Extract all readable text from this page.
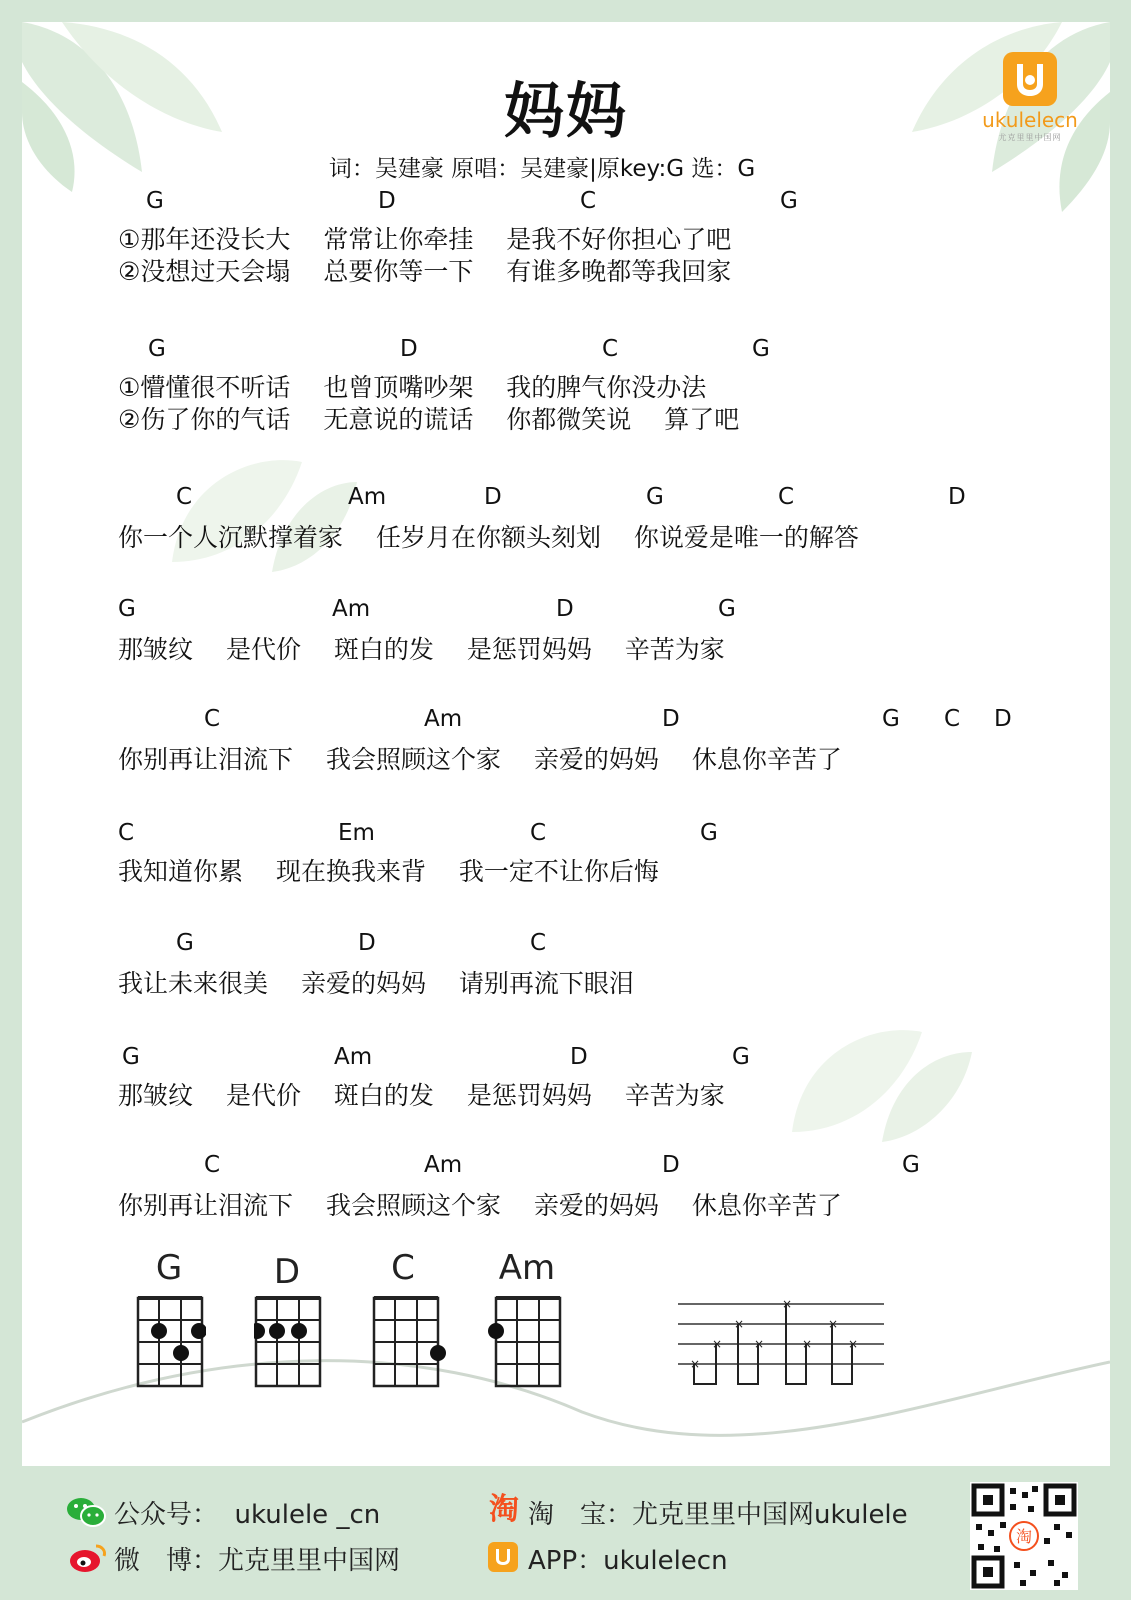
妈妈
词：吴建豪 原唱：吴建豪|原key:G 选：G
ukulelecn
尤克里里中国网
G	D	C	G
①那年还没长大 　常常让你牵挂 　是我不好你担心了吧
②没想过天会塌 　总要你等一下 　有谁多晚都等我回家
G	D	C	G
①懵懂很不听话 　也曾顶嘴吵架 　我的脾气你没办法
②伤了你的气话 　无意说的谎话 　你都微笑说 　算了吧
C	Am	D	G	C	D
你一个人沉默撑着家 　任岁月在你额头刻划 　你说爱是唯一的解答
G	Am	D	G
那皱纹 　是代价 　斑白的发 　是惩罚妈妈 　辛苦为家
C	Am	D	G C D
你别再让泪流下 　我会照顾这个家 　亲爱的妈妈 　休息你辛苦了
C	Em	C	G
我知道你累 　现在换我来背 　我一定不让你后悔
G	D	C
我让未来很美 　亲爱的妈妈 　请别再流下眼泪
G	Am	D	G
那皱纹 　是代价 　斑白的发 　是惩罚妈妈 　辛苦为家
C	Am	D	G
你别再让泪流下 　我会照顾这个家 　亲爱的妈妈 　休息你辛苦了
G	D	C	Am
×
×
×
×
×
×
×
×
公众号：  ukulele _cn
微　博：尤克里里中国网
淘 淘　宝：尤克里里中国网ukulele
APP：ukulelecn
淘
